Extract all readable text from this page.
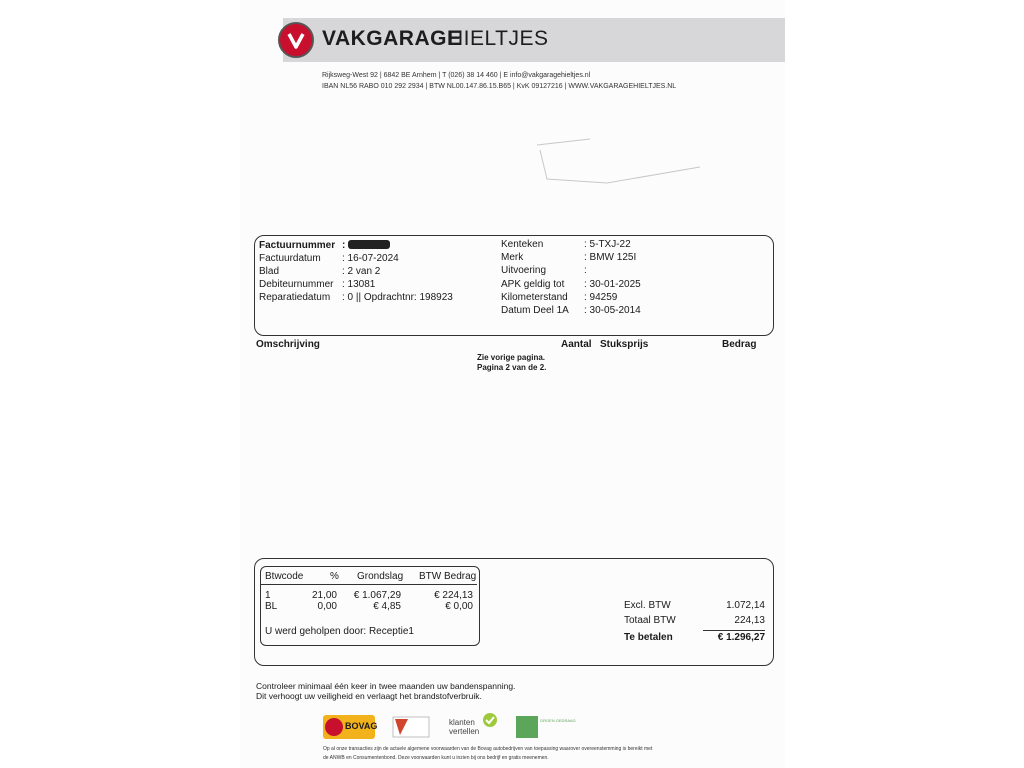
VAKGARAGE
HIELTJES
Rijksweg-West 92 | 6842 BE Arnhem | T (026) 38 14 460 | E info@vakgaragehieltjes.nl
IBAN NL56 RABO 010 292 2934 | BTW NL00.147.86.15.B65 | KvK 09127216 | WWW.VAKGARAGEHIELTJES.NL
Factuurnummer :
Factuurdatum : 16-07-2024
Blad	: 2 van 2
Debiteurnummer : 13081
Reparatiedatum : 0 || Opdrachtnr: 198923
Kenteken	: 5-TXJ-22
Merk	: BMW 125I
Uitvoering	:
APK geldig tot : 30-01-2025
Kilometerstand : 94259
Datum Deel 1A : 30-05-2014
Omschrijving	Aantal Stuksprijs	Bedrag
Zie vorige pagina.
Pagina 2 van de 2.
Btwcode	% Grondslag BTW Bedrag
1	21,00	€ 1.067,29	€ 224,13
BL	0,00	€ 4,85	€ 0,00
U werd geholpen door: Receptie1
Excl. BTW	1.072,14
Totaal BTW	224,13
Te betalen	€ 1.296,27
Controleer minimaal één keer in twee maanden uw bandenspanning.
Dit verhoogt uw veiligheid en verlaagt het brandstofverbruik.
BOVAG	klanten
vertellen
GROEN GEDRAAG
Op al onze transacties zijn de actuele algemene voorwaarden van de Bovag autobedrijven van toepassing waarover overeenstemming is bereikt met
de ANWB en Consumentenbond. Deze voorwaarden kunt u inzien bij ons bedrijf en gratis meenemen.
